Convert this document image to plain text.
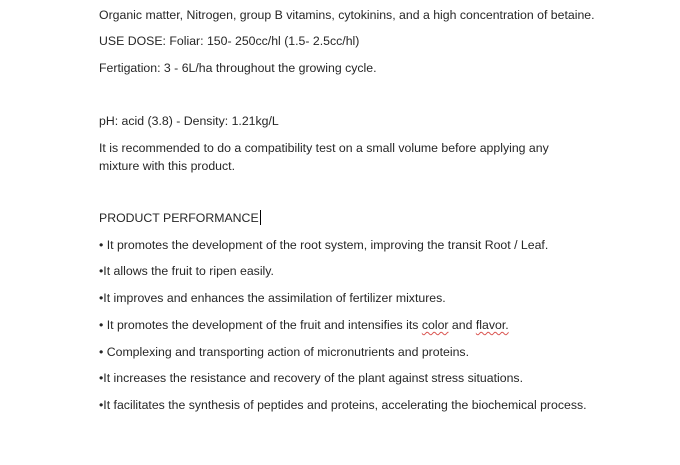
Organic matter, Nitrogen, group B vitamins, cytokinins, and a high concentration of betaine.
USE DOSE: Foliar: 150- 250cc/hl (1.5- 2.5cc/hl)
Fertigation: 3 - 6L/ha throughout the growing cycle.
pH: acid (3.8) - Density: 1.21kg/L
It is recommended to do a compatibility test on a small volume before applying any mixture with this product.
PRODUCT PERFORMANCE
• It promotes the development of the root system, improving the transit Root / Leaf.
•It allows the fruit to ripen easily.
•It improves and enhances the assimilation of fertilizer mixtures.
• It promotes the development of the fruit and intensifies its color and flavor.
• Complexing and transporting action of micronutrients and proteins.
•It increases the resistance and recovery of the plant against stress situations.
•It facilitates the synthesis of peptides and proteins, accelerating the biochemical process.
